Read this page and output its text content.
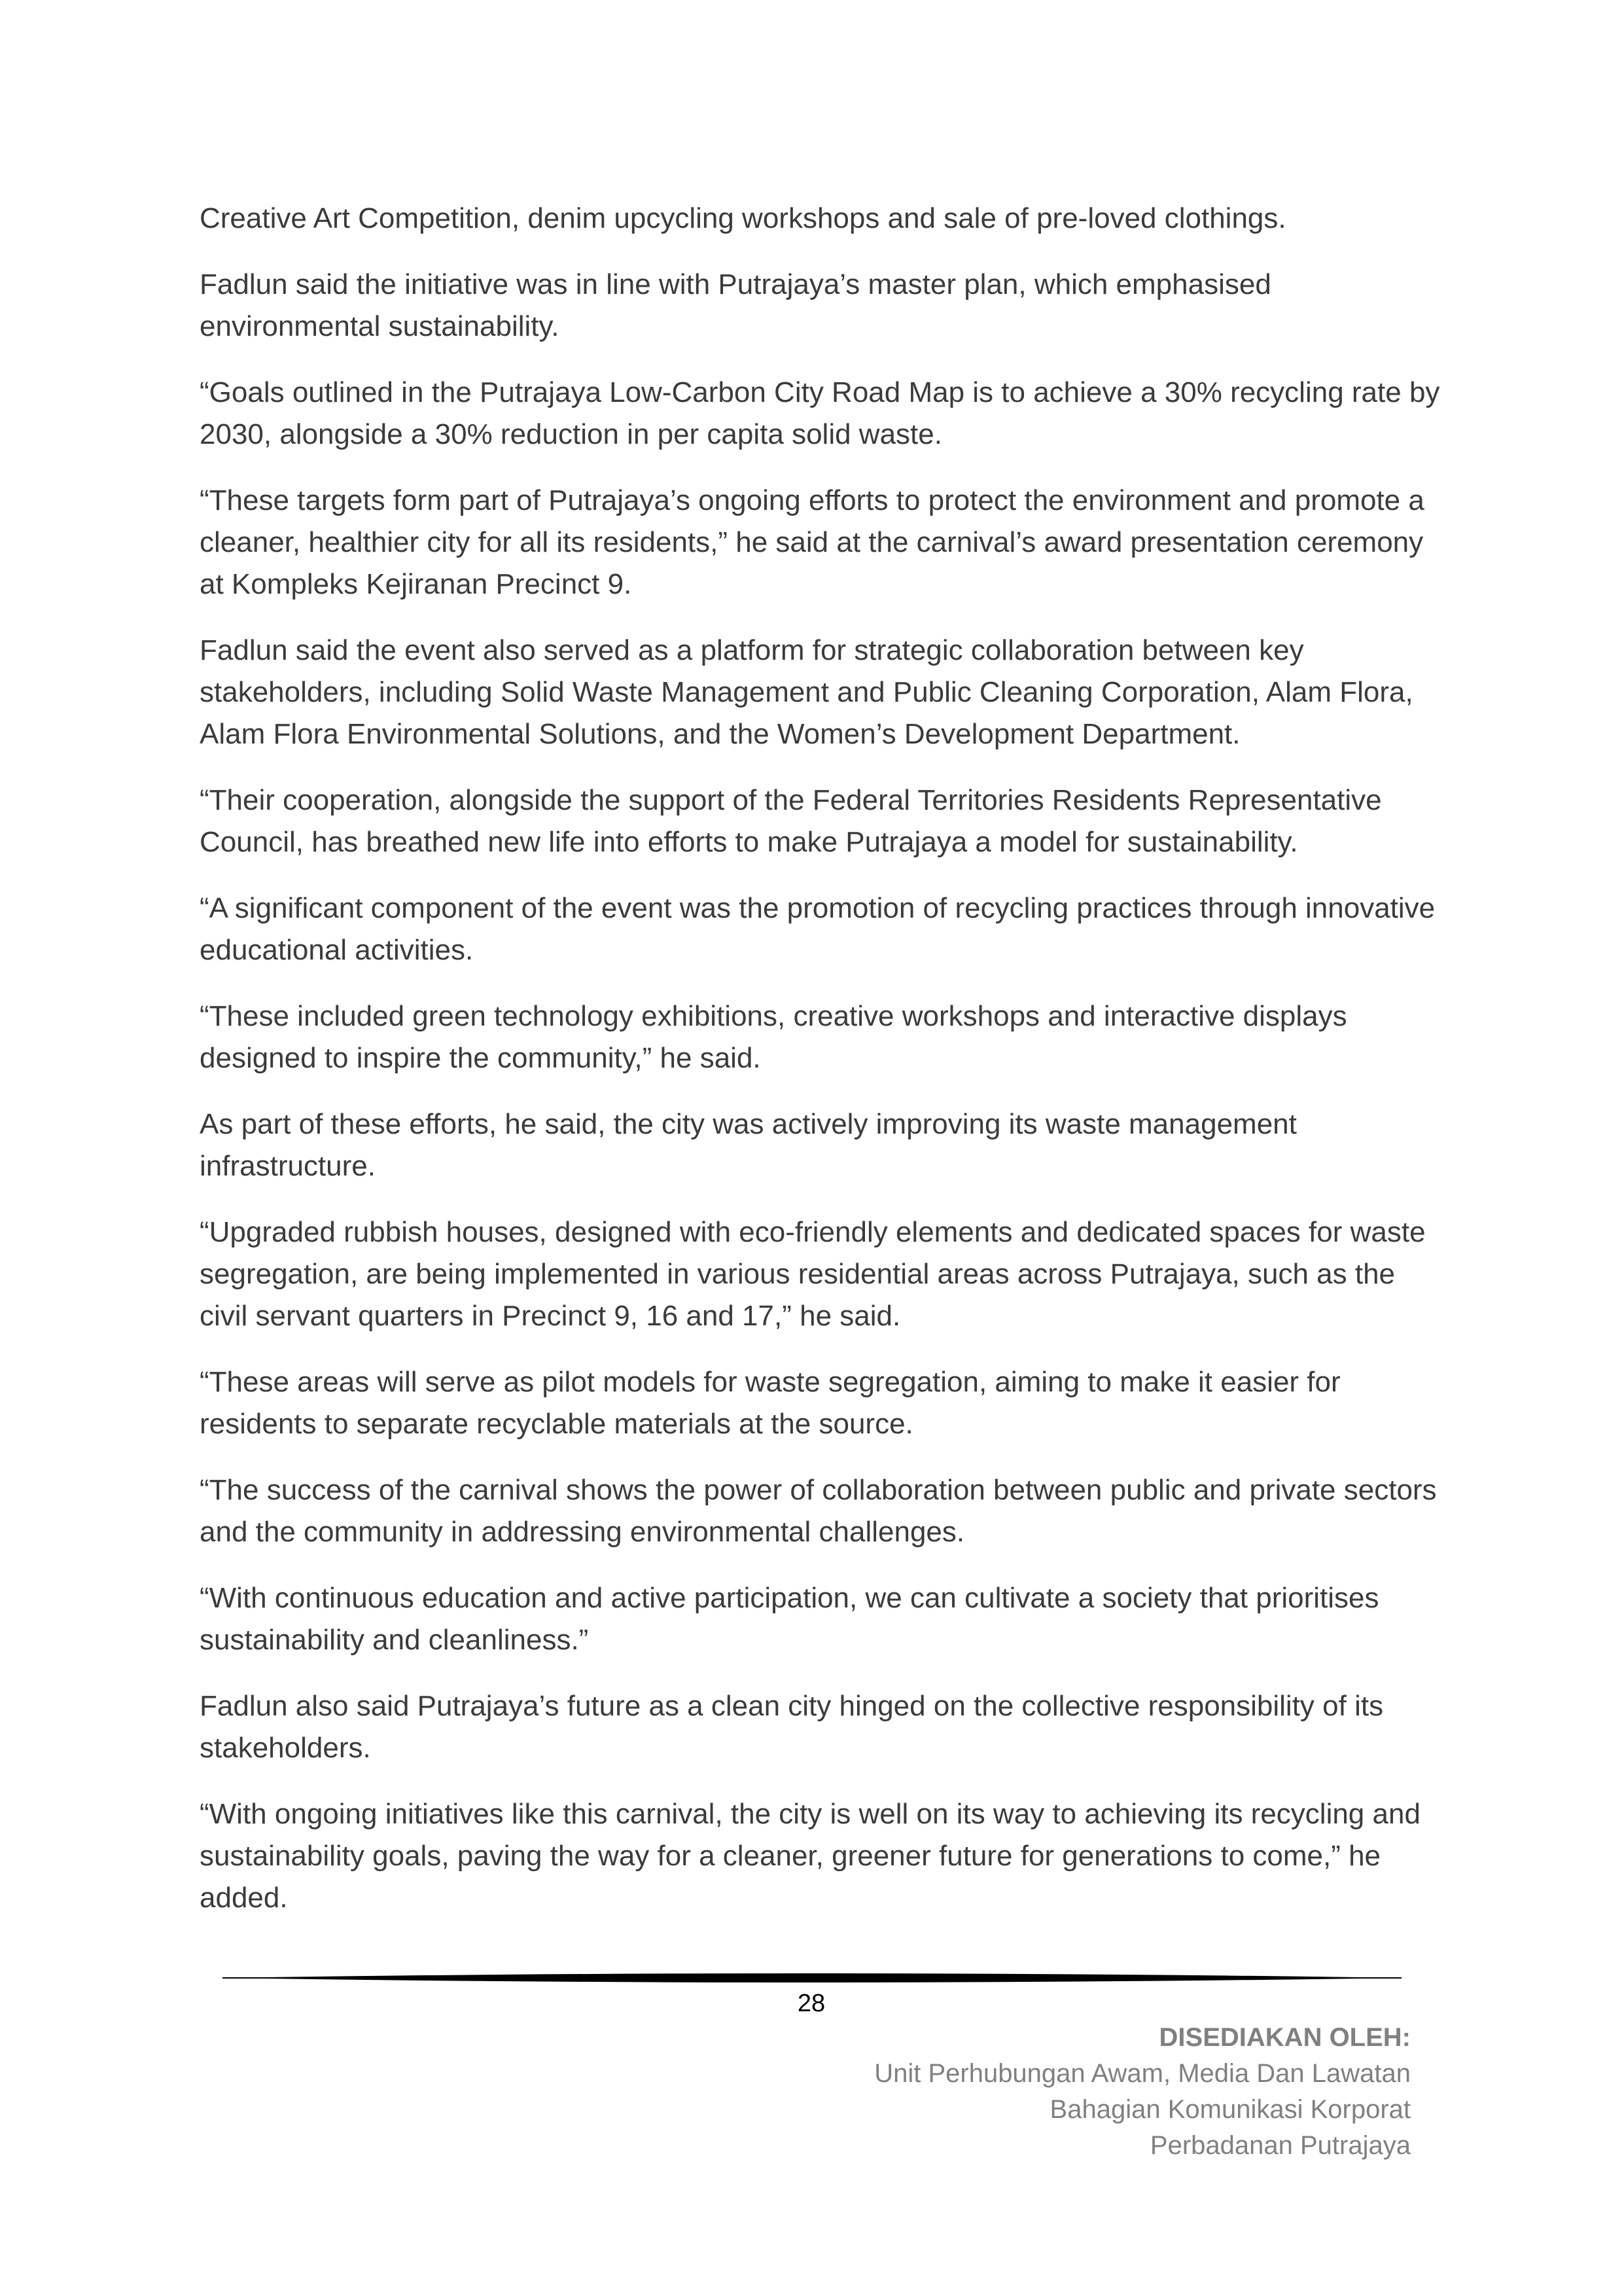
Creative Art Competition, denim upcycling workshops and sale of pre-loved clothings.

Fadlun said the initiative was in line with Putrajaya’s master plan, which emphasised environmental sustainability.

“Goals outlined in the Putrajaya Low-Carbon City Road Map is to achieve a 30% recycling rate by 2030, alongside a 30% reduction in per capita solid waste.

“These targets form part of Putrajaya’s ongoing efforts to protect the environment and promote a cleaner, healthier city for all its residents,” he said at the carnival’s award presentation ceremony at Kompleks Kejiranan Precinct 9.

Fadlun said the event also served as a platform for strategic collaboration between key stakeholders, including Solid Waste Management and Public Cleaning Corporation, Alam Flora, Alam Flora Environmental Solutions, and the Women’s Development Department.

“Their cooperation, alongside the support of the Federal Territories Residents Representative Council, has breathed new life into efforts to make Putrajaya a model for sustainability.

“A significant component of the event was the promotion of recycling practices through innovative educational activities.

“These included green technology exhibitions, creative workshops and interactive displays designed to inspire the community,” he said.

As part of these efforts, he said, the city was actively improving its waste management infrastructure.

“Upgraded rubbish houses, designed with eco-friendly elements and dedicated spaces for waste segregation, are being implemented in various residential areas across Putrajaya, such as the civil servant quarters in Precinct 9, 16 and 17,” he said.

“These areas will serve as pilot models for waste segregation, aiming to make it easier for residents to separate recyclable materials at the source.

“The success of the carnival shows the power of collaboration between public and private sectors and the community in addressing environmental challenges.

“With continuous education and active participation, we can cultivate a society that prioritises sustainability and cleanliness.”

Fadlun also said Putrajaya’s future as a clean city hinged on the collective responsibility of its stakeholders.

“With ongoing initiatives like this carnival, the city is well on its way to achieving its recycling and sustainability goals, paving the way for a cleaner, greener future for generations to come,” he added.

28
DISEDIAKAN OLEH:
Unit Perhubungan Awam, Media Dan Lawatan
Bahagian Komunikasi Korporat
Perbadanan Putrajaya
